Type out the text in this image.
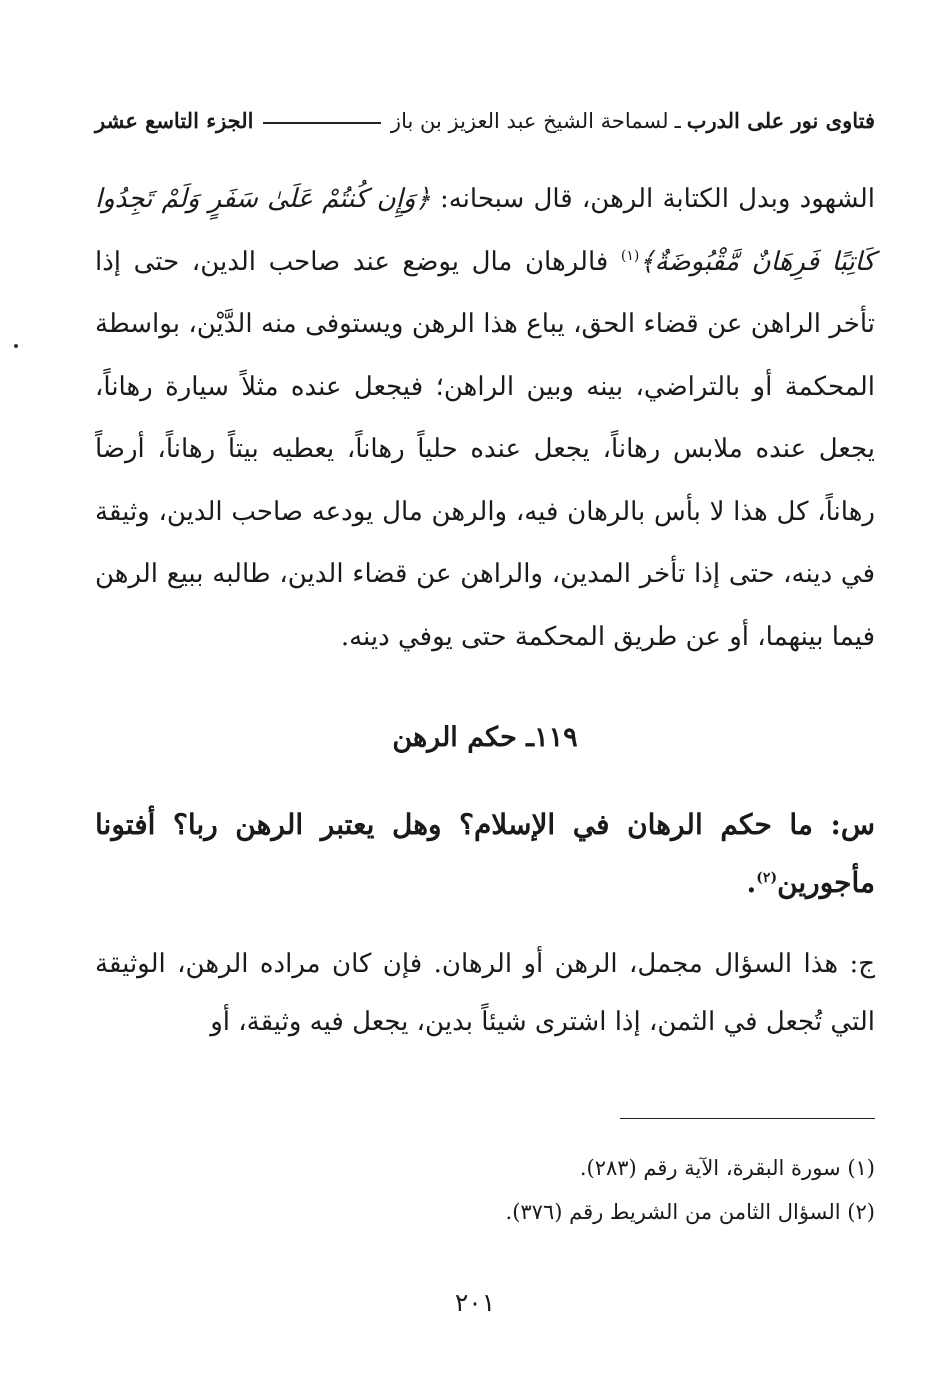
فتاوى نور على الدرب
ـ
لسماحة الشيخ عبد العزيز بن باز
الجزء التاسع عشر

الشهود وبدل الكتابة الرهن، قال سبحانه: ﴿وَإِن كُنتُمْ عَلَىٰ سَفَرٍ وَلَمْ تَجِدُوا كَاتِبًا فَرِهَانٌ مَّقْبُوضَةٌ﴾$^{(١)}$ فالرهان مال يوضع عند صاحب الدين، حتى إذا تأخر الراهن عن قضاء الحق، يباع هذا الرهن ويستوفى منه الدَّيْن، بواسطة المحكمة أو بالتراضي، بينه وبين الراهن؛ فيجعل عنده مثلاً سيارة رهاناً، يجعل عنده ملابس رهاناً، يجعل عنده حلياً رهاناً، يعطيه بيتاً رهاناً، أرضاً رهاناً، كل هذا لا بأس بالرهان فيه، والرهن مال يودعه صاحب الدين، وثيقة في دينه، حتى إذا تأخر المدين، والراهن عن قضاء الدين، طالبه ببيع الرهن فيما بينهما، أو عن طريق المحكمة حتى يوفي دينه.

١١٩ـ حكم الرهن
س: ما حكم الرهان في الإسلام؟ وهل يعتبر الرهن ربا؟ أفتونا مأجورين$^{(٢)}$.
ج: هذا السؤال مجمل، الرهن أو الرهان. فإن كان مراده الرهن، الوثيقة التي تُجعل في الثمن، إذا اشترى شيئاً بدين، يجعل فيه وثيقة، أو
(١) سورة البقرة، الآية رقم (٢٨٣).
(٢) السؤال الثامن من الشريط رقم (٣٧٦).
٢٠١
